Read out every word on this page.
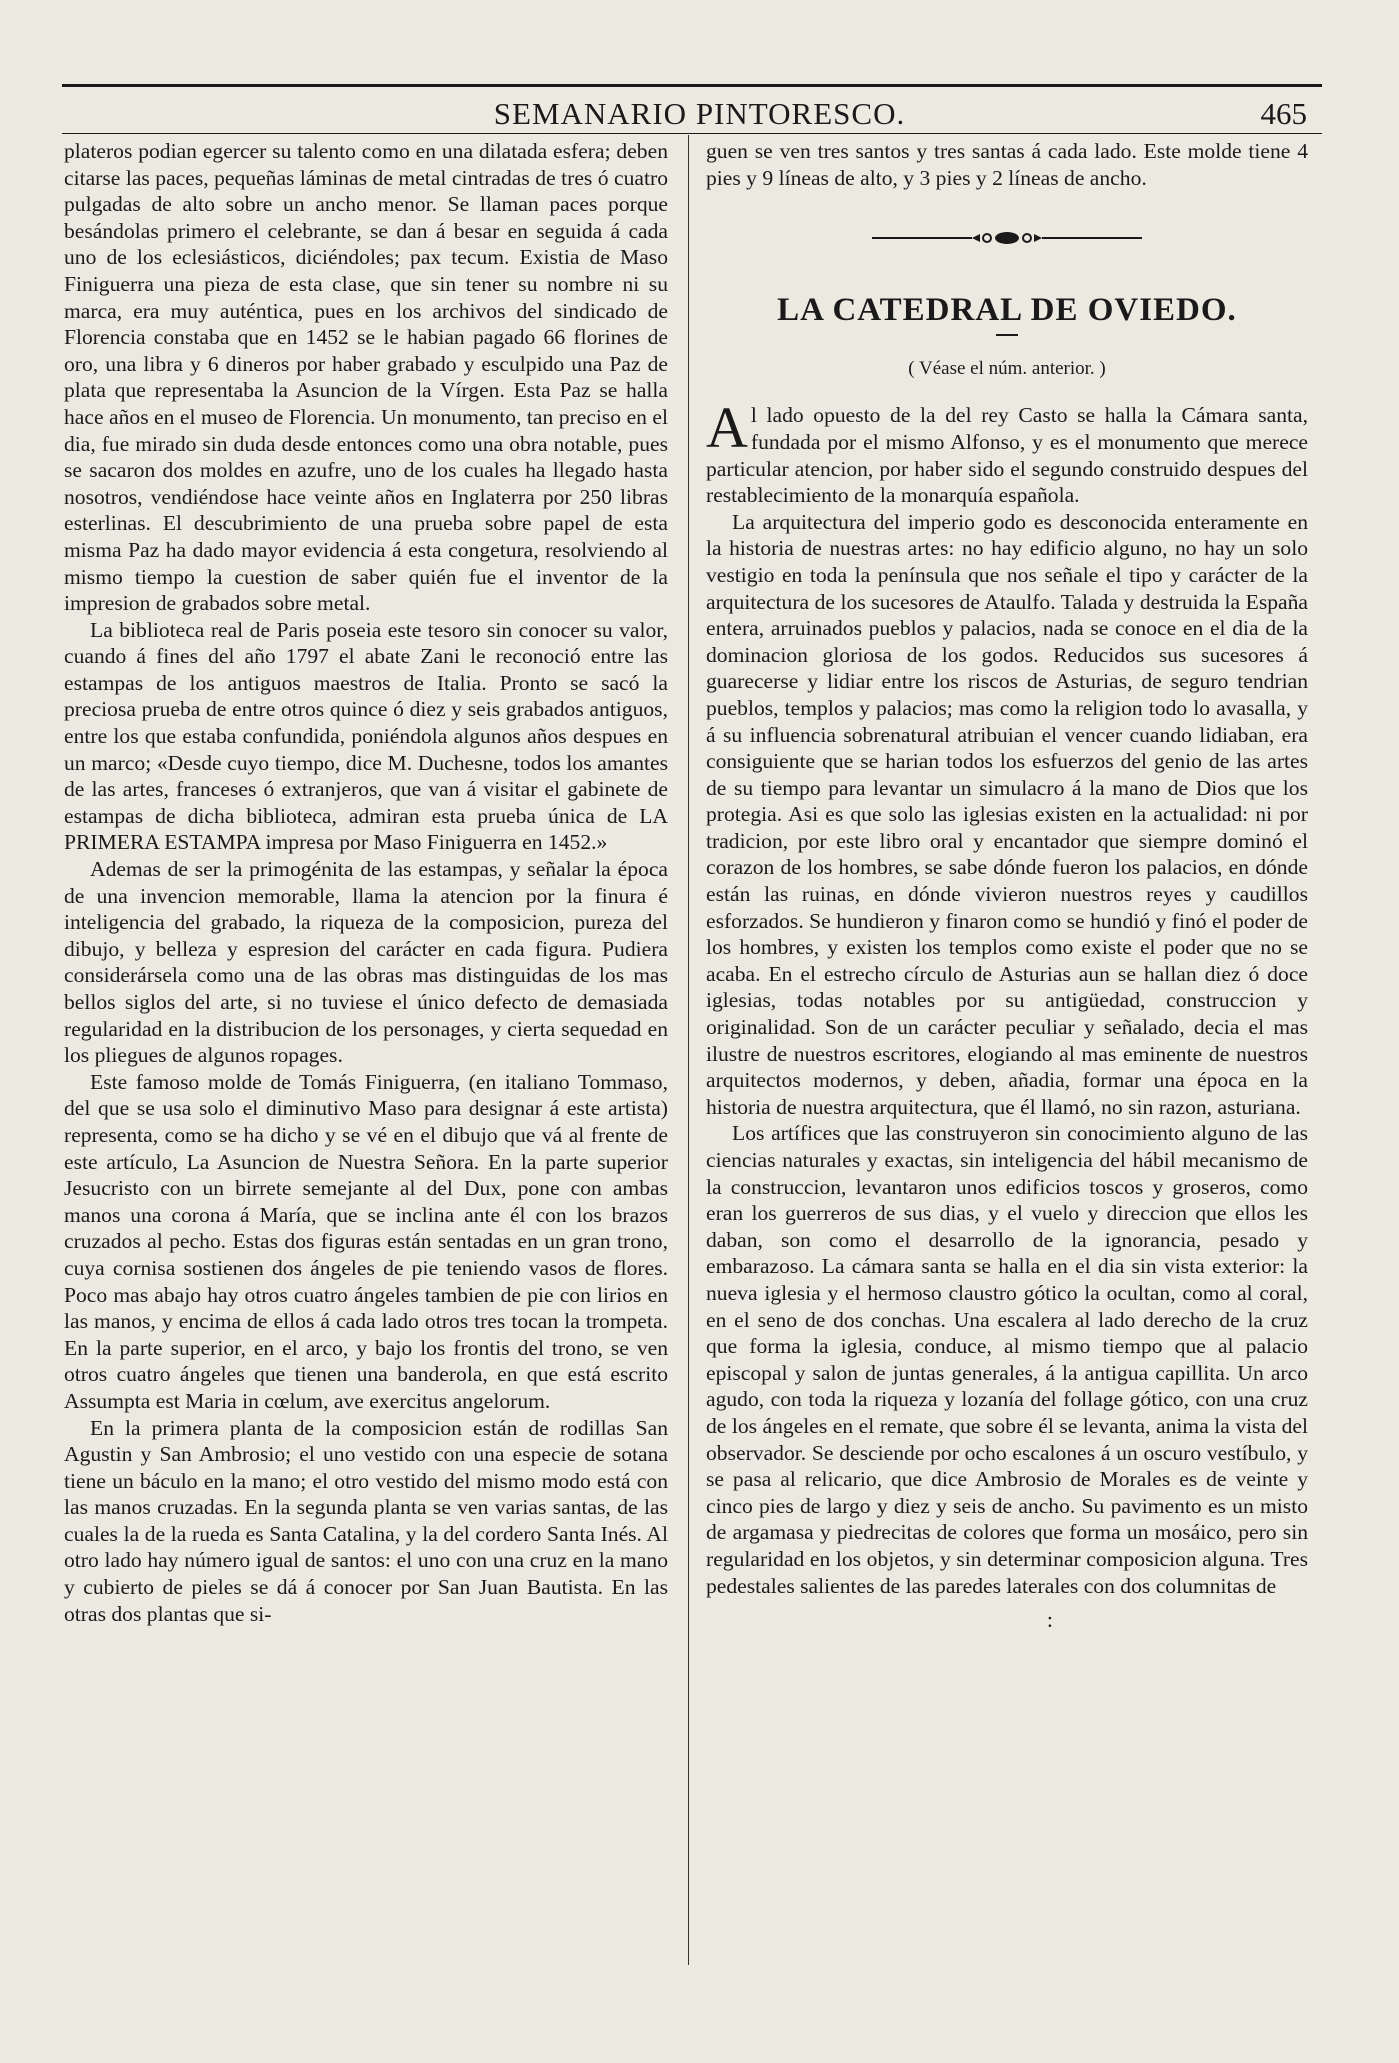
SEMANARIO PINTORESCO.	465

plateros podian egercer su talento como en una dilatada esfera; deben citarse las paces, pequeñas láminas de metal cintradas de tres ó cuatro pulgadas de alto sobre un ancho menor. Se llaman paces porque besándolas primero el celebrante, se dan á besar en seguida á cada uno de los eclesiásticos, diciéndoles; pax tecum. Existia de Maso Finiguerra una pieza de esta clase, que sin tener su nombre ni su marca, era muy auténtica, pues en los archivos del sindicado de Florencia constaba que en 1452 se le habian pagado 66 florines de oro, una libra y 6 dineros por haber grabado y esculpido una Paz de plata que representaba la Asuncion de la Vírgen. Esta Paz se halla hace años en el museo de Florencia. Un monumento, tan preciso en el dia, fue mirado sin duda desde entonces como una obra notable, pues se sacaron dos moldes en azufre, uno de los cuales ha llegado hasta nosotros, vendiéndose hace veinte años en Inglaterra por 250 libras esterlinas. El descubrimiento de una prueba sobre papel de esta misma Paz ha dado mayor evidencia á esta congetura, resolviendo al mismo tiempo la cuestion de saber quién fue el inventor de la impresion de grabados sobre metal.

La biblioteca real de Paris poseia este tesoro sin conocer su valor, cuando á fines del año 1797 el abate Zani le reconoció entre las estampas de los antiguos maestros de Italia. Pronto se sacó la preciosa prueba de entre otros quince ó diez y seis grabados antiguos, entre los que estaba confundida, poniéndola algunos años despues en un marco; «Desde cuyo tiempo, dice M. Duchesne, todos los amantes de las artes, franceses ó extranjeros, que van á visitar el gabinete de estampas de dicha biblioteca, admiran esta prueba única de LA PRIMERA ESTAMPA impresa por Maso Finiguerra en 1452.»

Ademas de ser la primogénita de las estampas, y señalar la época de una invencion memorable, llama la atencion por la finura é inteligencia del grabado, la riqueza de la composicion, pureza del dibujo, y belleza y espresion del carácter en cada figura. Pudiera considerársela como una de las obras mas distinguidas de los mas bellos siglos del arte, si no tuviese el único defecto de demasiada regularidad en la distribucion de los personages, y cierta sequedad en los pliegues de algunos ropages.

Este famoso molde de Tomás Finiguerra, (en italiano Tommaso, del que se usa solo el diminutivo Maso para designar á este artista) representa, como se ha dicho y se vé en el dibujo que vá al frente de este artículo, La Asuncion de Nuestra Señora. En la parte superior Jesucristo con un birrete semejante al del Dux, pone con ambas manos una corona á María, que se inclina ante él con los brazos cruzados al pecho. Estas dos figuras están sentadas en un gran trono, cuya cornisa sostienen dos ángeles de pie teniendo vasos de flores. Poco mas abajo hay otros cuatro ángeles tambien de pie con lirios en las manos, y encima de ellos á cada lado otros tres tocan la trompeta. En la parte superior, en el arco, y bajo los frontis del trono, se ven otros cuatro ángeles que tienen una banderola, en que está escrito Assumpta est Maria in cœlum, ave exercitus angelorum.

En la primera planta de la composicion están de rodillas San Agustin y San Ambrosio; el uno vestido con una especie de sotana tiene un báculo en la mano; el otro vestido del mismo modo está con las manos cruzadas. En la segunda planta se ven varias santas, de las cuales la de la rueda es Santa Catalina, y la del cordero Santa Inés. Al otro lado hay número igual de santos: el uno con una cruz en la mano y cubierto de pieles se dá á conocer por San Juan Bautista. En las otras dos plantas que si-

guen se ven tres santos y tres santas á cada lado. Este molde tiene 4 pies y 9 líneas de alto, y 3 pies y 2 líneas de ancho.

LA CATEDRAL DE OVIEDO.
( Véase el núm. anterior. )

Al lado opuesto de la del rey Casto se halla la Cámara santa, fundada por el mismo Alfonso, y es el monumento que merece particular atencion, por haber sido el segundo construido despues del restablecimiento de la monarquía española.

La arquitectura del imperio godo es desconocida enteramente en la historia de nuestras artes: no hay edificio alguno, no hay un solo vestigio en toda la península que nos señale el tipo y carácter de la arquitectura de los sucesores de Ataulfo. Talada y destruida la España entera, arruinados pueblos y palacios, nada se conoce en el dia de la dominacion gloriosa de los godos. Reducidos sus sucesores á guarecerse y lidiar entre los riscos de Asturias, de seguro tendrian pueblos, templos y palacios; mas como la religion todo lo avasalla, y á su influencia sobrenatural atribuian el vencer cuando lidiaban, era consiguiente que se harian todos los esfuerzos del genio de las artes de su tiempo para levantar un simulacro á la mano de Dios que los protegia. Asi es que solo las iglesias existen en la actualidad: ni por tradicion, por este libro oral y encantador que siempre dominó el corazon de los hombres, se sabe dónde fueron los palacios, en dónde están las ruinas, en dónde vivieron nuestros reyes y caudillos esforzados. Se hundieron y finaron como se hundió y finó el poder de los hombres, y existen los templos como existe el poder que no se acaba. En el estrecho círculo de Asturias aun se hallan diez ó doce iglesias, todas notables por su antigüedad, construccion y originalidad. Son de un carácter peculiar y señalado, decia el mas ilustre de nuestros escritores, elogiando al mas eminente de nuestros arquitectos modernos, y deben, añadia, formar una época en la historia de nuestra arquitectura, que él llamó, no sin razon, asturiana.

Los artífices que las construyeron sin conocimiento alguno de las ciencias naturales y exactas, sin inteligencia del hábil mecanismo de la construccion, levantaron unos edificios toscos y groseros, como eran los guerreros de sus dias, y el vuelo y direccion que ellos les daban, son como el desarrollo de la ignorancia, pesado y embarazoso. La cámara santa se halla en el dia sin vista exterior: la nueva iglesia y el hermoso claustro gótico la ocultan, como al coral, en el seno de dos conchas. Una escalera al lado derecho de la cruz que forma la iglesia, conduce, al mismo tiempo que al palacio episcopal y salon de juntas generales, á la antigua capillita. Un arco agudo, con toda la riqueza y lozanía del follage gótico, con una cruz de los ángeles en el remate, que sobre él se levanta, anima la vista del observador. Se desciende por ocho escalones á un oscuro vestíbulo, y se pasa al relicario, que dice Ambrosio de Morales es de veinte y cinco pies de largo y diez y seis de ancho. Su pavimento es un misto de argamasa y piedrecitas de colores que forma un mosáico, pero sin regularidad en los objetos, y sin determinar composicion alguna. Tres pedestales salientes de las paredes laterales con dos columnitas de

:
